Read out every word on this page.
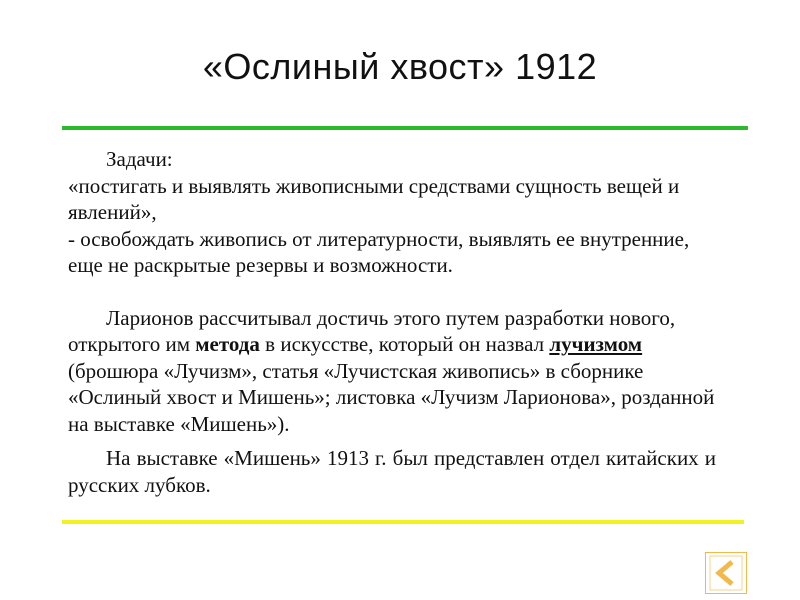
«Ослиный хвост» 1912

Задачи:

«постигать и выявлять живописными средствами сущность вещей и явлений»,

- освобождать живопись от литературности, выявлять ее внутренние, еще не раскрытые резервы и возможности.

Ларионов рассчитывал достичь этого путем разработки нового, открытого им метода в искусстве, который он назвал лучизмом (брошюра «Лучизм», статья «Лучистская живопись» в сборнике «Ослиный хвост и Мишень»; листовка «Лучизм Ларионова», розданной на выставке «Мишень»).

На выставке «Мишень» 1913 г. был представлен отдел китайских и русских лубков.
